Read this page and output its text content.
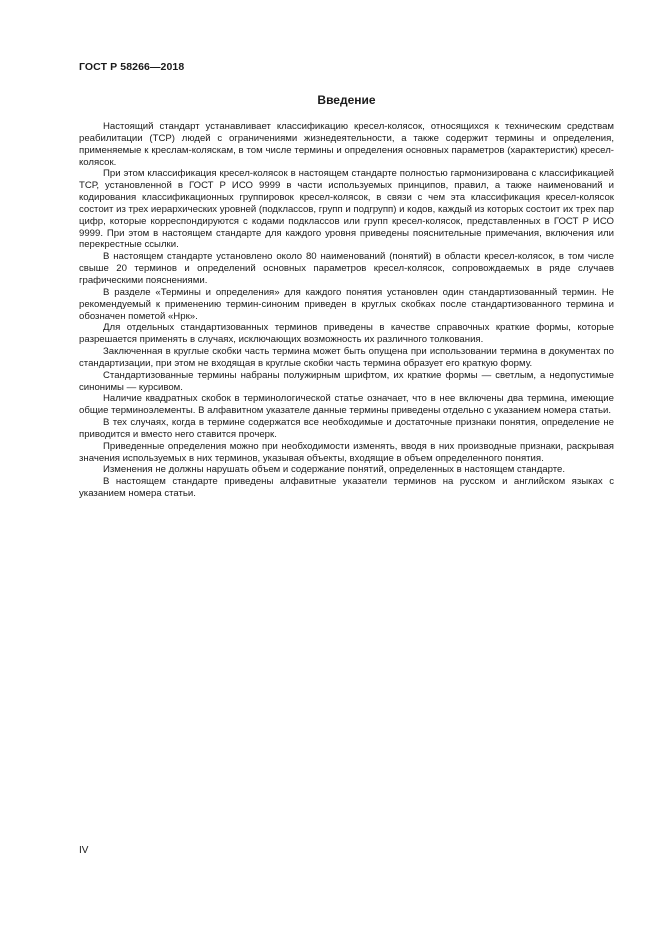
ГОСТ Р 58266—2018
Введение

Настоящий стандарт устанавливает классификацию кресел-колясок, относящихся к техническим средствам реабилитации (ТСР) людей с ограничениями жизнедеятельности, а также содержит термины и определения, применяемые к креслам-коляскам, в том числе термины и определения основных параметров (характеристик) кресел-колясок.

При этом классификация кресел-колясок в настоящем стандарте полностью гармонизирована с классификацией ТСР, установленной в ГОСТ Р ИСО 9999 в части используемых принципов, правил, а также наименований и кодирования классификационных группировок кресел-колясок, в связи с чем эта классификация кресел-колясок состоит из трех иерархических уровней (подклассов, групп и подгрупп) и кодов, каждый из которых состоит их трех пар цифр, которые корреспондируются с кодами подклассов или групп кресел-колясок, представленных в ГОСТ Р ИСО 9999. При этом в настоящем стандарте для каждого уровня приведены пояснительные примечания, включения или перекрестные ссылки.

В настоящем стандарте установлено около 80 наименований (понятий) в области кресел-колясок, в том числе свыше 20 терминов и определений основных параметров кресел-колясок, сопровождаемых в ряде случаев графическими пояснениями.

В разделе «Термины и определения» для каждого понятия установлен один стандартизованный термин. Не рекомендуемый к применению термин-синоним приведен в круглых скобках после стандартизованного термина и обозначен пометой «Нрк».

Для отдельных стандартизованных терминов приведены в качестве справочных краткие формы, которые разрешается применять в случаях, исключающих возможность их различного толкования.

Заключенная в круглые скобки часть термина может быть опущена при использовании термина в документах по стандартизации, при этом не входящая в круглые скобки часть термина образует его краткую форму.

Стандартизованные термины набраны полужирным шрифтом, их краткие формы — светлым, а недопустимые синонимы — курсивом.

Наличие квадратных скобок в терминологической статье означает, что в нее включены два термина, имеющие общие терминоэлементы. В алфавитном указателе данные термины приведены отдельно с указанием номера статьи.

В тех случаях, когда в термине содержатся все необходимые и достаточные признаки понятия, определение не приводится и вместо него ставится прочерк.

Приведенные определения можно при необходимости изменять, вводя в них производные признаки, раскрывая значения используемых в них терминов, указывая объекты, входящие в объем определенного понятия.

Изменения не должны нарушать объем и содержание понятий, определенных в настоящем стандарте.

В настоящем стандарте приведены алфавитные указатели терминов на русском и английском языках с указанием номера статьи.

IV
